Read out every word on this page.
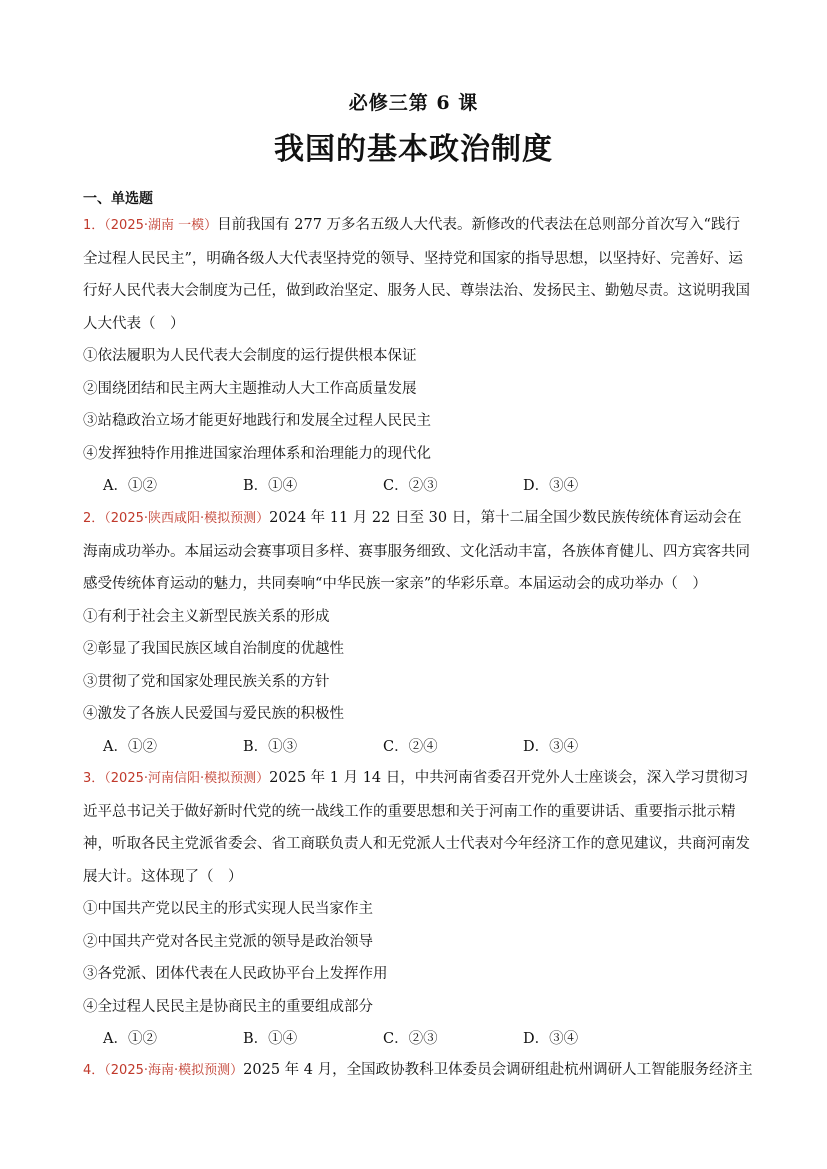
必修三第 6 课
我国的基本政治制度
一、单选题
1．（2025·湖南 一模）目前我国有 277 万多名五级人大代表。新修改的代表法在总则部分首次写入“践行全过程人民民主”，明确各级人大代表坚持党的领导、坚持党和国家的指导思想，以坚持好、完善好、运行好人民代表大会制度为己任，做到政治坚定、服务人民、尊崇法治、发扬民主、勤勉尽责。这说明我国人大代表（　）
①依法履职为人民代表大会制度的运行提供根本保证
②围绕团结和民主两大主题推动人大工作高质量发展
③站稳政治立场才能更好地践行和发展全过程人民民主
④发挥独特作用推进国家治理体系和治理能力的现代化
A．①②	B．①④	C．②③	D．③④
2．（2025·陕西咸阳·模拟预测）2024 年 11 月 22 日至 30 日，第十二届全国少数民族传统体育运动会在海南成功举办。本届运动会赛事项目多样、赛事服务细致、文化活动丰富，各族体育健儿、四方宾客共同感受传统体育运动的魅力，共同奏响“中华民族一家亲”的华彩乐章。本届运动会的成功举办（　）
①有利于社会主义新型民族关系的形成
②彰显了我国民族区域自治制度的优越性
③贯彻了党和国家处理民族关系的方针
④激发了各族人民爱国与爱民族的积极性
A．①②	B．①③	C．②④	D．③④
3．（2025·河南信阳·模拟预测）2025 年 1 月 14 日，中共河南省委召开党外人士座谈会，深入学习贯彻习近平总书记关于做好新时代党的统一战线工作的重要思想和关于河南工作的重要讲话、重要指示批示精神，听取各民主党派省委会、省工商联负责人和无党派人士代表对今年经济工作的意见建议，共商河南发展大计。这体现了（　）
①中国共产党以民主的形式实现人民当家作主
②中国共产党对各民主党派的领导是政治领导
③各党派、团体代表在人民政协平台上发挥作用
④全过程人民民主是协商民主的重要组成部分
A．①②	B．①④	C．②③	D．③④
4．（2025·海南·模拟预测）2025 年 4 月，全国政协教科卫体委员会调研组赴杭州调研人工智能服务经济主
